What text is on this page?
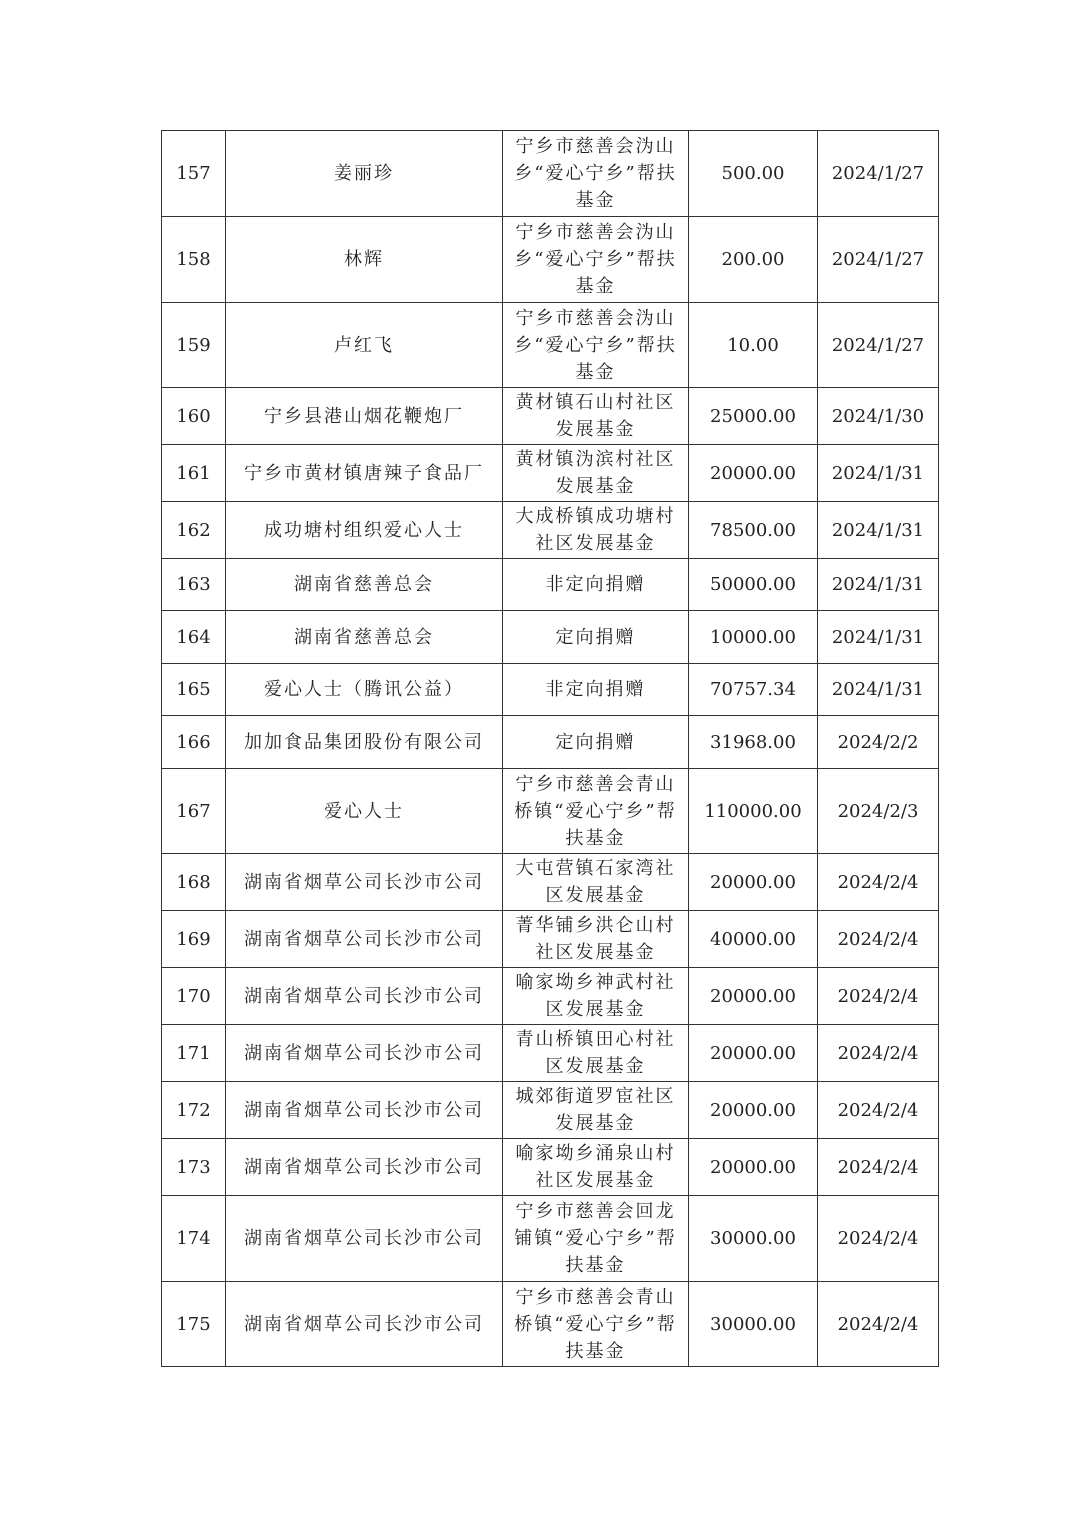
157	姜丽珍	宁乡市慈善会沩山乡“爱心宁乡”帮扶基金	500.00	2024/1/27
158	林辉	宁乡市慈善会沩山乡“爱心宁乡”帮扶基金	200.00	2024/1/27
159	卢红飞	宁乡市慈善会沩山乡“爱心宁乡”帮扶基金	10.00	2024/1/27
160	宁乡县港山烟花鞭炮厂	黄材镇石山村社区发展基金	25000.00	2024/1/30
161	宁乡市黄材镇唐辣子食品厂	黄材镇沩滨村社区发展基金	20000.00	2024/1/31
162	成功塘村组织爱心人士	大成桥镇成功塘村社区发展基金	78500.00	2024/1/31
163	湖南省慈善总会	非定向捐赠	50000.00	2024/1/31
164	湖南省慈善总会	定向捐赠	10000.00	2024/1/31
165	爱心人士（腾讯公益）	非定向捐赠	70757.34	2024/1/31
166	加加食品集团股份有限公司	定向捐赠	31968.00	2024/2/2
167	爱心人士	宁乡市慈善会青山桥镇“爱心宁乡”帮扶基金	110000.00	2024/2/3
168	湖南省烟草公司长沙市公司	大屯营镇石家湾社区发展基金	20000.00	2024/2/4
169	湖南省烟草公司长沙市公司	菁华铺乡洪仑山村社区发展基金	40000.00	2024/2/4
170	湖南省烟草公司长沙市公司	喻家坳乡神武村社区发展基金	20000.00	2024/2/4
171	湖南省烟草公司长沙市公司	青山桥镇田心村社区发展基金	20000.00	2024/2/4
172	湖南省烟草公司长沙市公司	城郊街道罗宦社区发展基金	20000.00	2024/2/4
173	湖南省烟草公司长沙市公司	喻家坳乡涌泉山村社区发展基金	20000.00	2024/2/4
174	湖南省烟草公司长沙市公司	宁乡市慈善会回龙铺镇“爱心宁乡”帮扶基金	30000.00	2024/2/4
175	湖南省烟草公司长沙市公司	宁乡市慈善会青山桥镇“爱心宁乡”帮扶基金	30000.00	2024/2/4
